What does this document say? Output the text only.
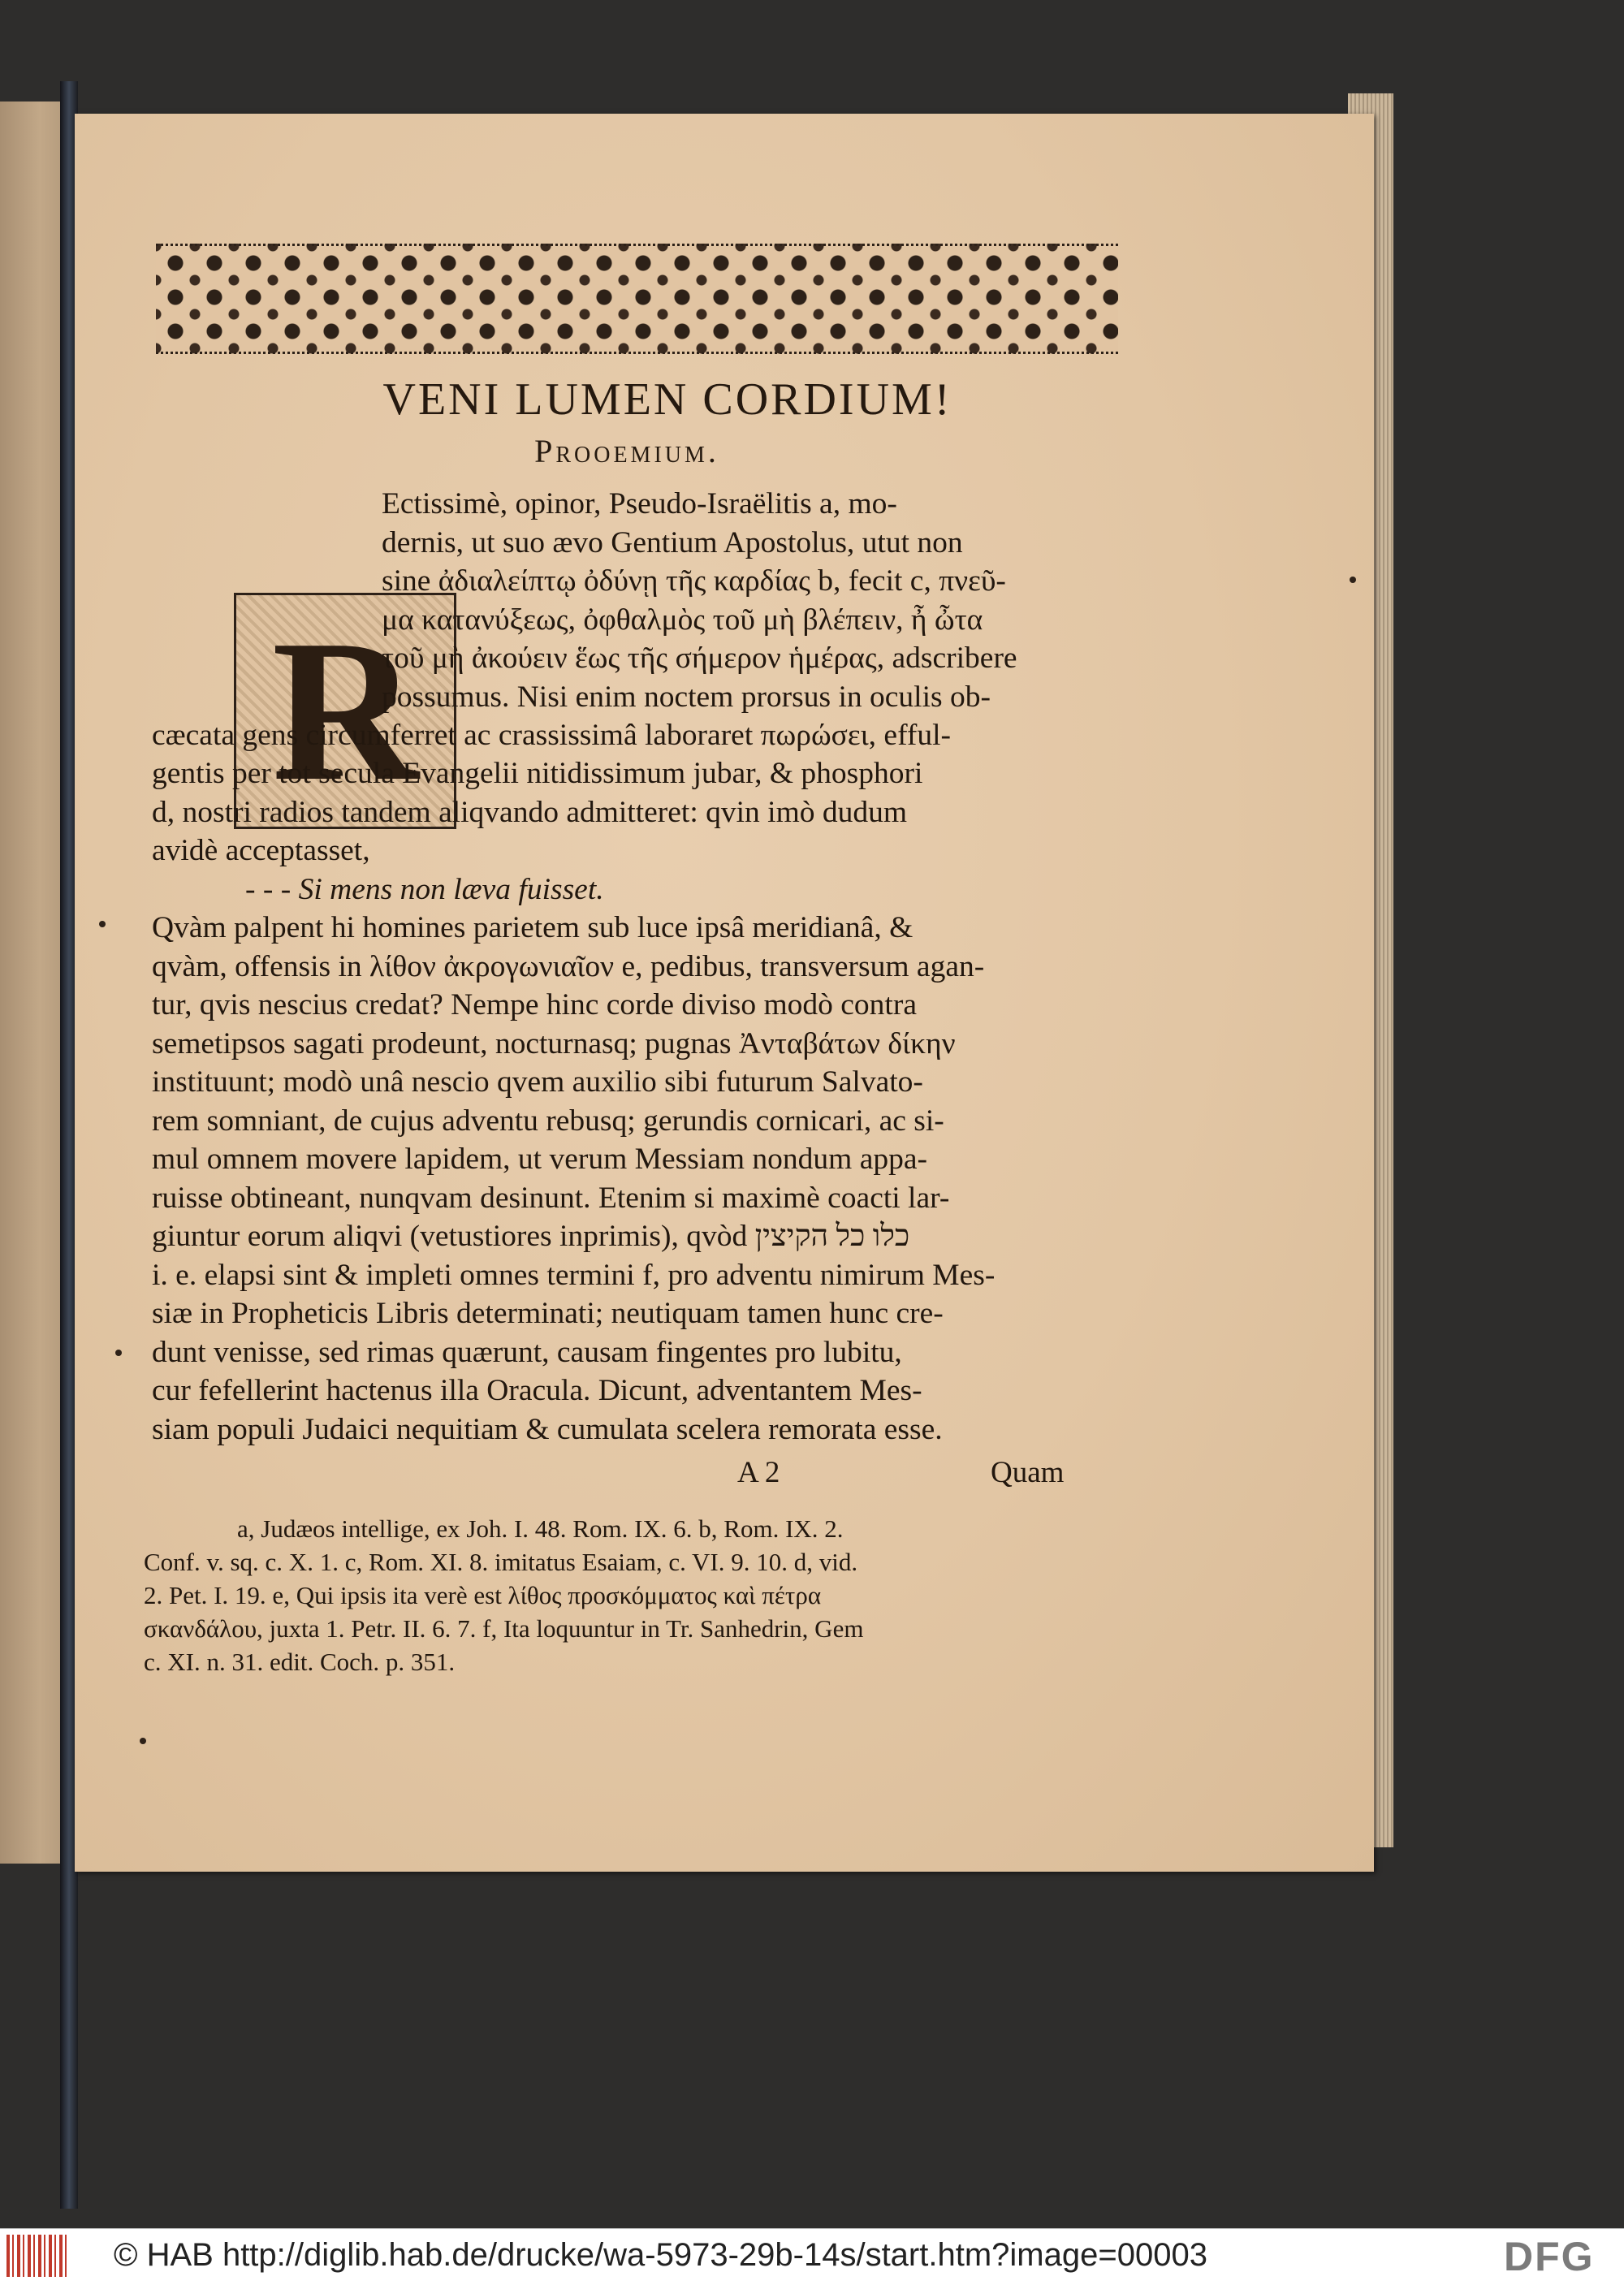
VENI LUMEN CORDIUM!
Prooemium.
R
Ectissimè, opinor, Pseudo-Israëlitis a, mo-
dernis, ut suo ævo Gentium Apostolus, utut non
sine ἀδιαλείπτῳ ὀδύνῃ τῆς καρδίας b, fecit c, πνεῦ-
μα κατανύξεως, ὀφθαλμὸς τοῦ μὴ βλέπειν, ἦ ὦτα
τοῦ μὴ ἀκούειν ἕως τῆς σήμερον ἡμέρας, adscribere
possumus. Nisi enim noctem prorsus in oculis ob-
cæcata gens circumferret ac crassissimâ laboraret πωρώσει, efful-
gentis per tot secula Evangelii nitidissimum jubar, & phosphori
d, nostri radios tandem aliqvando admitteret: qvin imò dudum
avidè acceptasset,
- - - Si mens non læva fuisset.
Qvàm palpent hi homines parietem sub luce ipsâ meridianâ, &
qvàm, offensis in λίθον ἀκρογωνιαῖον e, pedibus, transversum agan-
tur, qvis nescius credat? Nempe hinc corde diviso modò contra
semetipsos sagati prodeunt, nocturnasq; pugnas Ἀνταβάτων δίκην
instituunt; modò unâ nescio qvem auxilio sibi futurum Salvato-
rem somniant, de cujus adventu rebusq; gerundis cornicari, ac si-
mul omnem movere lapidem, ut verum Messiam nondum appa-
ruisse obtineant, nunqvam desinunt. Etenim si maximè coacti lar-
giuntur eorum aliqvi (vetustiores inprimis), qvòd כלו כל הקיצין
i. e. elapsi sint & impleti omnes termini f, pro adventu nimirum Mes-
siæ in Propheticis Libris determinati; neutiquam tamen hunc cre-
dunt venisse, sed rimas quærunt, causam fingentes pro lubitu,
cur fefellerint hactenus illa Oracula. Dicunt, adventantem Mes-
siam populi Judaici nequitiam & cumulata scelera remorata esse.
A 2	Quam
a, Judæos intellige, ex Joh. I. 48. Rom. IX. 6. b, Rom. IX. 2.
Conf. v. sq. c. X. 1. c, Rom. XI. 8. imitatus Esaiam, c. VI. 9. 10. d, vid.
2. Pet. I. 19. e, Qui ipsis ita verè est λίθος προσκόμματος καὶ πέτρα
σκανδάλου, juxta 1. Petr. II. 6. 7. f, Ita loquuntur in Tr. Sanhedrin, Gem
c. XI. n. 31. edit. Coch. p. 351.
© HAB http://diglib.hab.de/drucke/wa-5973-29b-14s/start.htm?image=00003	DFG
